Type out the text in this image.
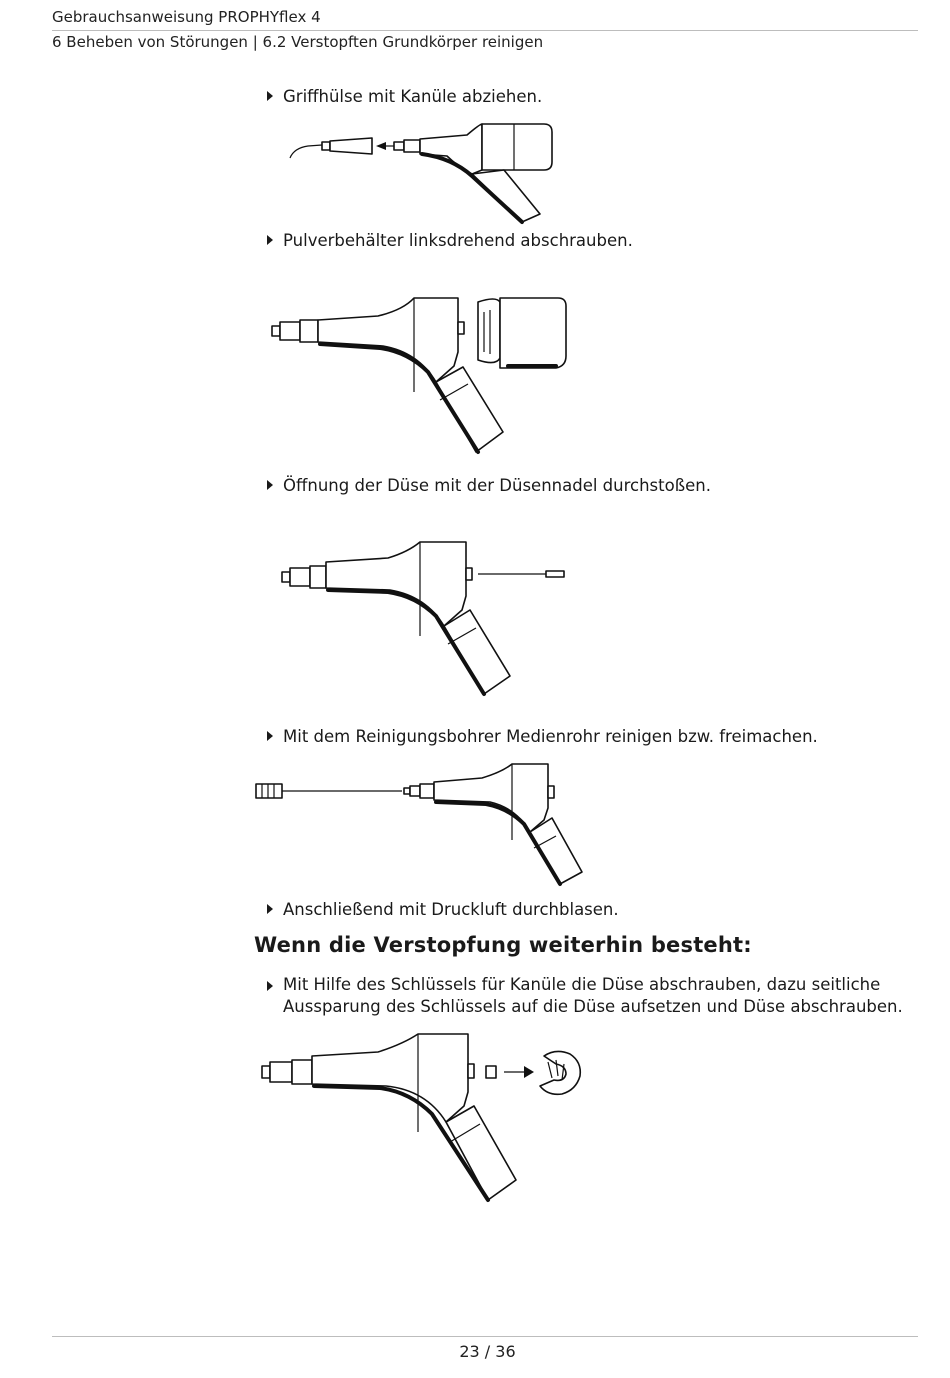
Gebrauchsanweisung PROPHYflex 4
6 Beheben von Störungen | 6.2 Verstopften Grundkörper reinigen
Griffhülse mit Kanüle abziehen.
Pulverbehälter linksdrehend abschrauben.
Öffnung der Düse mit der Düsennadel durchstoßen.
Mit dem Reinigungsbohrer Medienrohr reinigen bzw. freimachen.
Anschließend mit Druckluft durchblasen.
Wenn die Verstopfung weiterhin besteht:
Mit Hilfe des Schlüssels für Kanüle die Düse abschrauben, dazu seitliche
Aussparung des Schlüssels auf die Düse aufsetzen und Düse abschrauben.
23 / 36
